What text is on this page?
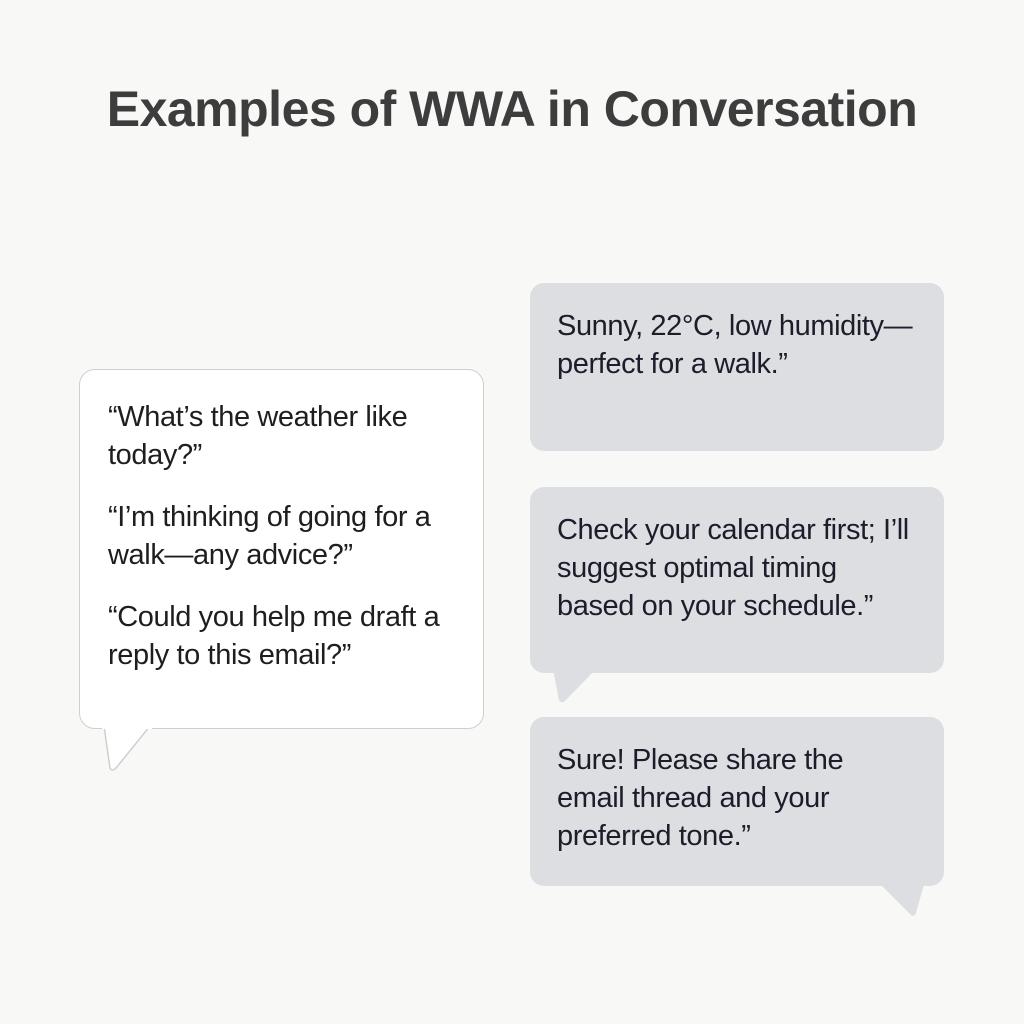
Examples of WWA in Conversation

“What’s the weather like today?”

“I’m thinking of going for a walk—any advice?”

“Could you help me draft a reply to this email?”

Sunny, 22°C, low humidity—perfect for a walk.”

Check your calendar first; I’ll suggest optimal timing based on your schedule.”

Sure! Please share the email thread and your preferred tone.”
